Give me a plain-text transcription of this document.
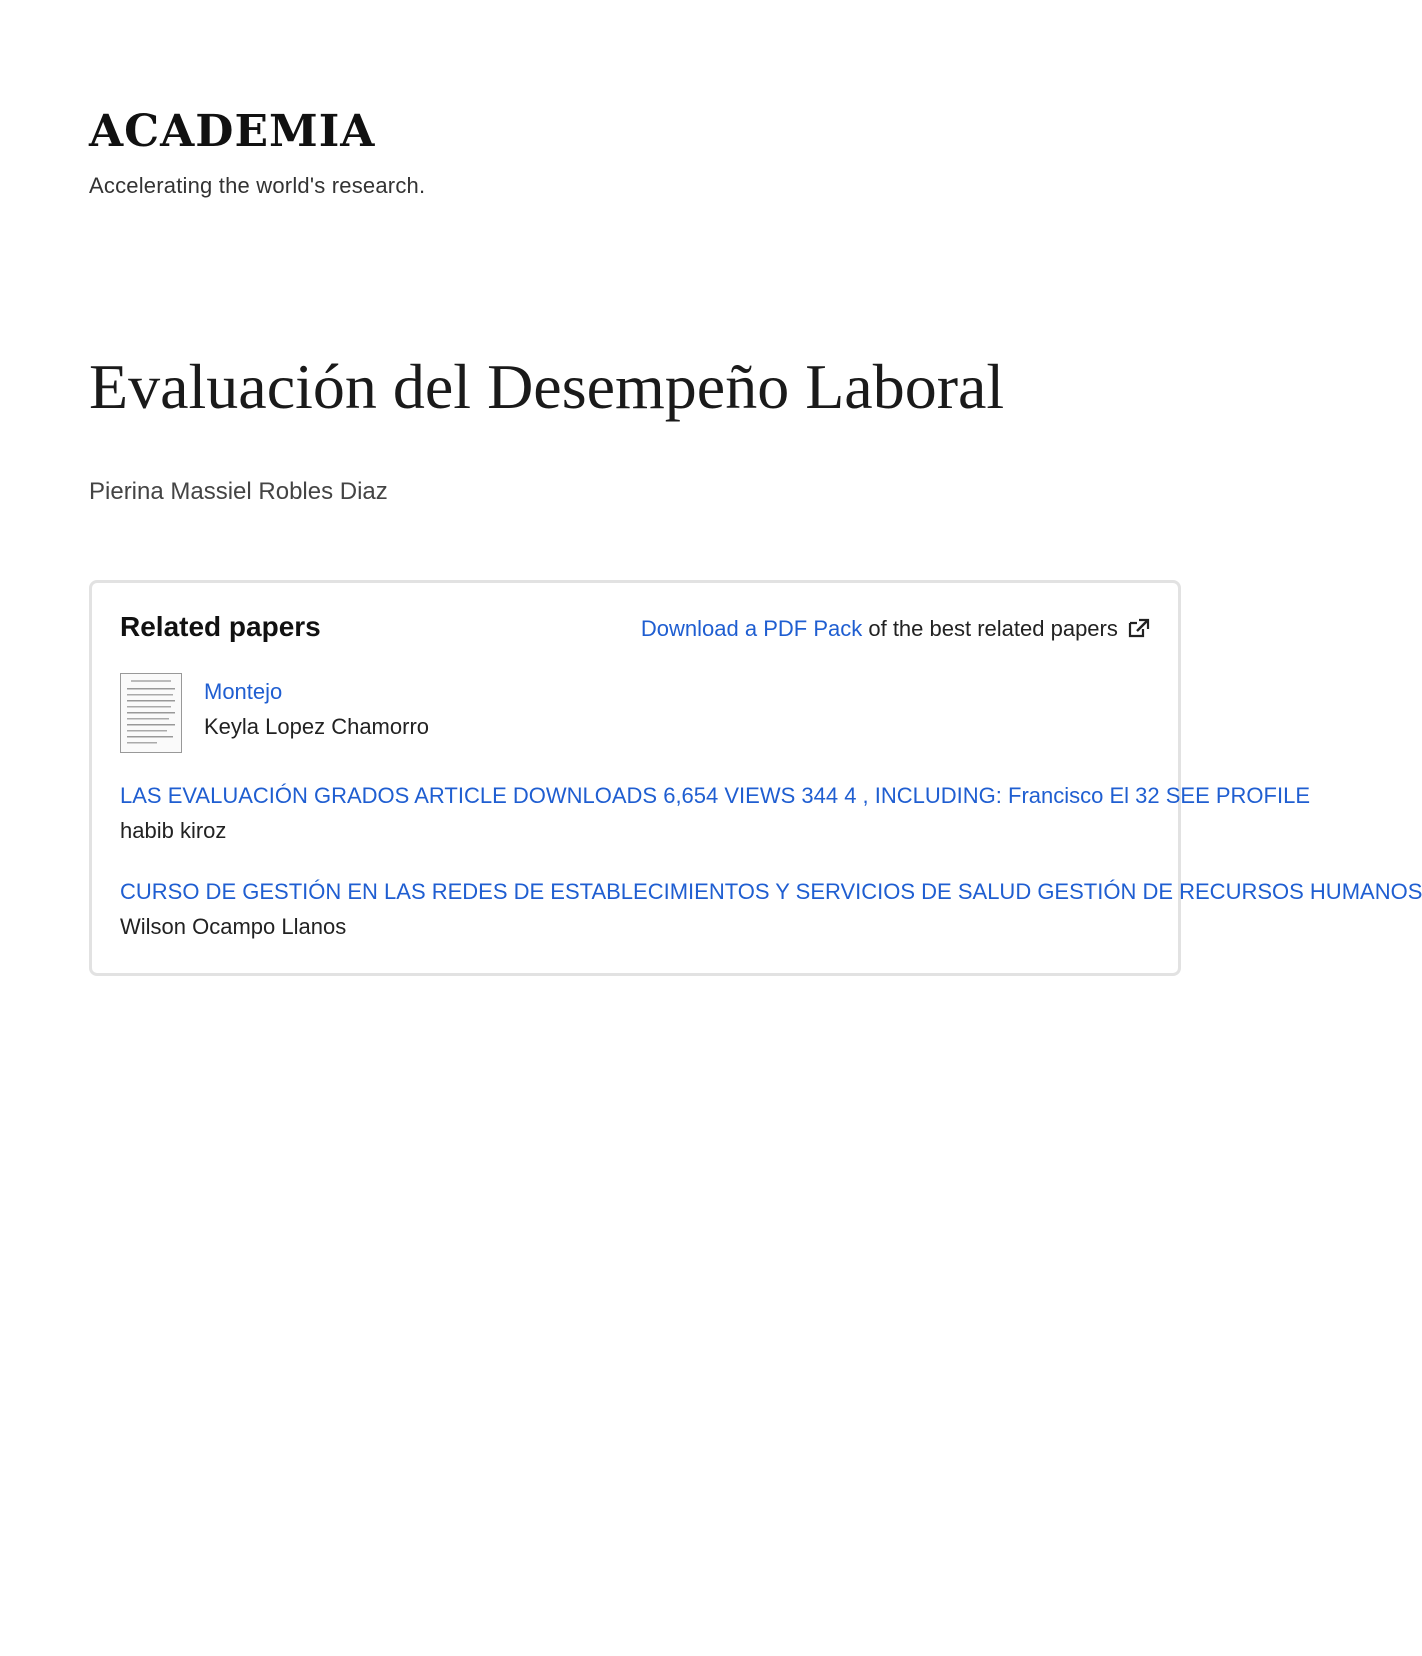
ACADEMIA
Accelerating the world's research.
Evaluación del Desempeño Laboral
Pierina Massiel Robles Diaz
Related papers	Download a PDF Pack of the best related papers
Montejo
Keyla Lopez Chamorro
LAS EVALUACIÓN GRADOS ARTICLE DOWNLOADS 6,654 VIEWS 344 4 , INCLUDING: Francisco El 32 SEE PROFILE
habib kiroz
CURSO DE GESTIÓN EN LAS REDES DE ESTABLECIMIENTOS Y SERVICIOS DE SALUD GESTIÓN DE RECURSOS HUMANOS
Wilson Ocampo Llanos
